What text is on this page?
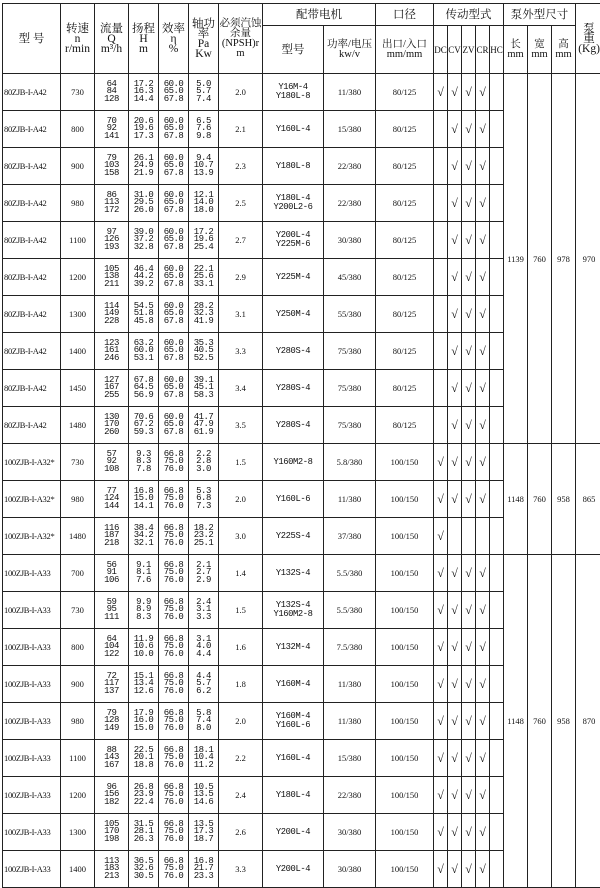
型 号	转速
n
r/min	流量
Q
m³/h	扬程
H
m	效率
η
%	轴功率
Pa
Kw	必须汽蚀
余量
(NPSH)r
m	配带电机		口径	传动型式					泵外型尺寸			泵
重
(Kg)

							型号	功率/电压
kw/v	出口/入口
mm/mm	DC	CV	ZV	CR	HC	长
mm	宽
mm	高
mm	

80ZJB-I-A42	730	64
84
128	17.2
16.3
14.4	60.0
65.0
67.8	5.0
5.7
7.4	2.0	Y16M-4
Y180L-8	11/380	80/125	√	√	√	√		1139	760	978	970
80ZJB-I-A42	800	70
92
141	20.6
19.6
17.3	60.0
65.0
67.8	6.5
7.6
9.8	2.1	Y160L-4	15/380	80/125		√	√	√					
80ZJB-I-A42	900	79
103
158	26.1
24.9
21.9	60.0
65.0
67.8	9.4
10.7
13.9	2.3	Y180L-8	22/380	80/125		√	√	√					
80ZJB-I-A42	980	86
113
172	31.0
29.5
26.0	60.0
65.0
67.8	12.1
14.0
18.0	2.5	Y180L-4
Y200L2-6	22/380	80/125		√	√	√					
80ZJB-I-A42	1100	97
126
193	39.0
37.2
32.8	60.0
65.0
67.8	17.2
19.6
25.4	2.7	Y200L-4
Y225M-6	30/380	80/125		√	√	√					
80ZJB-I-A42	1200	105
138
211	46.4
44.2
39.2	60.0
65.0
67.8	22.1
25.6
33.1	2.9	Y225M-4	45/380	80/125		√	√	√					
80ZJB-I-A42	1300	114
149
228	54.5
51.8
45.8	60.0
65.0
67.8	28.2
32.3
41.9	3.1	Y250M-4	55/380	80/125		√	√	√					
80ZJB-I-A42	1400	123
161
246	63.2
60.0
53.1	60.0
65.0
67.8	35.3
40.5
52.5	3.3	Y280S-4	75/380	80/125		√	√	√					
80ZJB-I-A42	1450	127
167
255	67.8
64.5
56.9	60.0
65.0
67.8	39.1
45.1
58.3	3.4	Y280S-4	75/380	80/125		√	√	√					
80ZJB-I-A42	1480	130
170
260	70.6
67.2
59.3	60.0
65.0
67.8	41.7
47.9
61.9	3.5	Y280S-4	75/380	80/125		√	√	√					
100ZJB-I-A32*	730	57
92
108	9.3
8.3
7.8	66.8
75.0
76.0	2.2
2.8
3.0	1.5	Y160M2-8	5.8/380	100/150	√	√	√	√		1148	760	958	865
100ZJB-I-A32*	980	77
124
144	16.8
15.0
14.1	66.8
75.0
76.0	5.3
6.8
7.3	2.0	Y160L-6	11/380	100/150	√	√	√	√					
100ZJB-I-A32*	1480	116
187
218	38.4
34.2
32.1	66.8
75.0
76.0	18.2
23.2
25.1	3.0	Y225S-4	37/380	100/150	√								
100ZJB-I-A33	700	56
91
106	9.1
8.1
7.6	66.8
75.0
76.0	2.1
2.7
2.9	1.4	Y132S-4	5.5/380	100/150	√	√	√	√		1148	760	958	870
100ZJB-I-A33	730	59
95
111	9.9
8.9
8.3	66.8
75.0
76.0	2.4
3.1
3.3	1.5	Y132S-4
Y160M2-8	5.5/380	100/150	√	√	√	√					
100ZJB-I-A33	800	64
104
122	11.9
10.6
10.0	66.8
75.0
76.0	3.1
4.0
4.4	1.6	Y132M-4	7.5/380	100/150	√	√	√	√					
100ZJB-I-A33	900	72
117
137	15.1
13.4
12.6	66.8
75.0
76.0	4.4
5.7
6.2	1.8	Y160M-4	11/380	100/150	√	√	√	√					
100ZJB-I-A33	980	79
128
149	17.9
16.0
15.0	66.8
75.0
76.0	5.8
7.4
8.0	2.0	Y160M-4
Y160L-6	11/380	100/150	√	√	√	√					
100ZJB-I-A33	1100	88
143
167	22.5
20.1
18.8	66.8
75.0
76.0	18.1
10.4
11.2	2.2	Y160L-4	15/380	100/150	√	√	√	√					
100ZJB-I-A33	1200	96
156
182	26.8
23.9
22.4	66.8
75.0
76.0	10.5
13.5
14.6	2.4	Y180L-4	22/380	100/150	√	√	√	√					
100ZJB-I-A33	1300	105
170
198	31.5
28.1
26.3	66.8
75.0
76.0	13.5
17.3
18.7	2.6	Y200L-4	30/380	100/150	√	√	√	√					
100ZJB-I-A33	1400	113
183
213	36.5
32.6
30.5	66.8
75.0
76.0	16.8
21.7
23.3	3.3	Y200L-4	30/380	100/150	√	√	√	√					
